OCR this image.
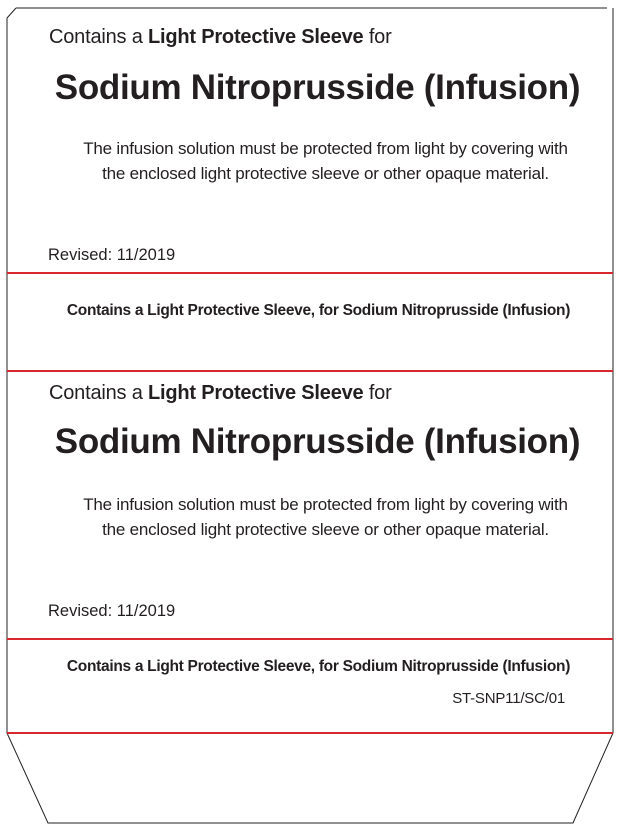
Contains a Light Protective Sleeve for
Sodium Nitroprusside (Infusion)
The infusion solution must be protected from light by covering with the enclosed light protective sleeve or other opaque material.
Revised: 11/2019
Contains a Light Protective Sleeve, for Sodium Nitroprusside (Infusion)
Contains a Light Protective Sleeve for
Sodium Nitroprusside (Infusion)
The infusion solution must be protected from light by covering with the enclosed light protective sleeve or other opaque material.
Revised: 11/2019
Contains a Light Protective Sleeve, for Sodium Nitroprusside (Infusion)
ST-SNP11/SC/01
